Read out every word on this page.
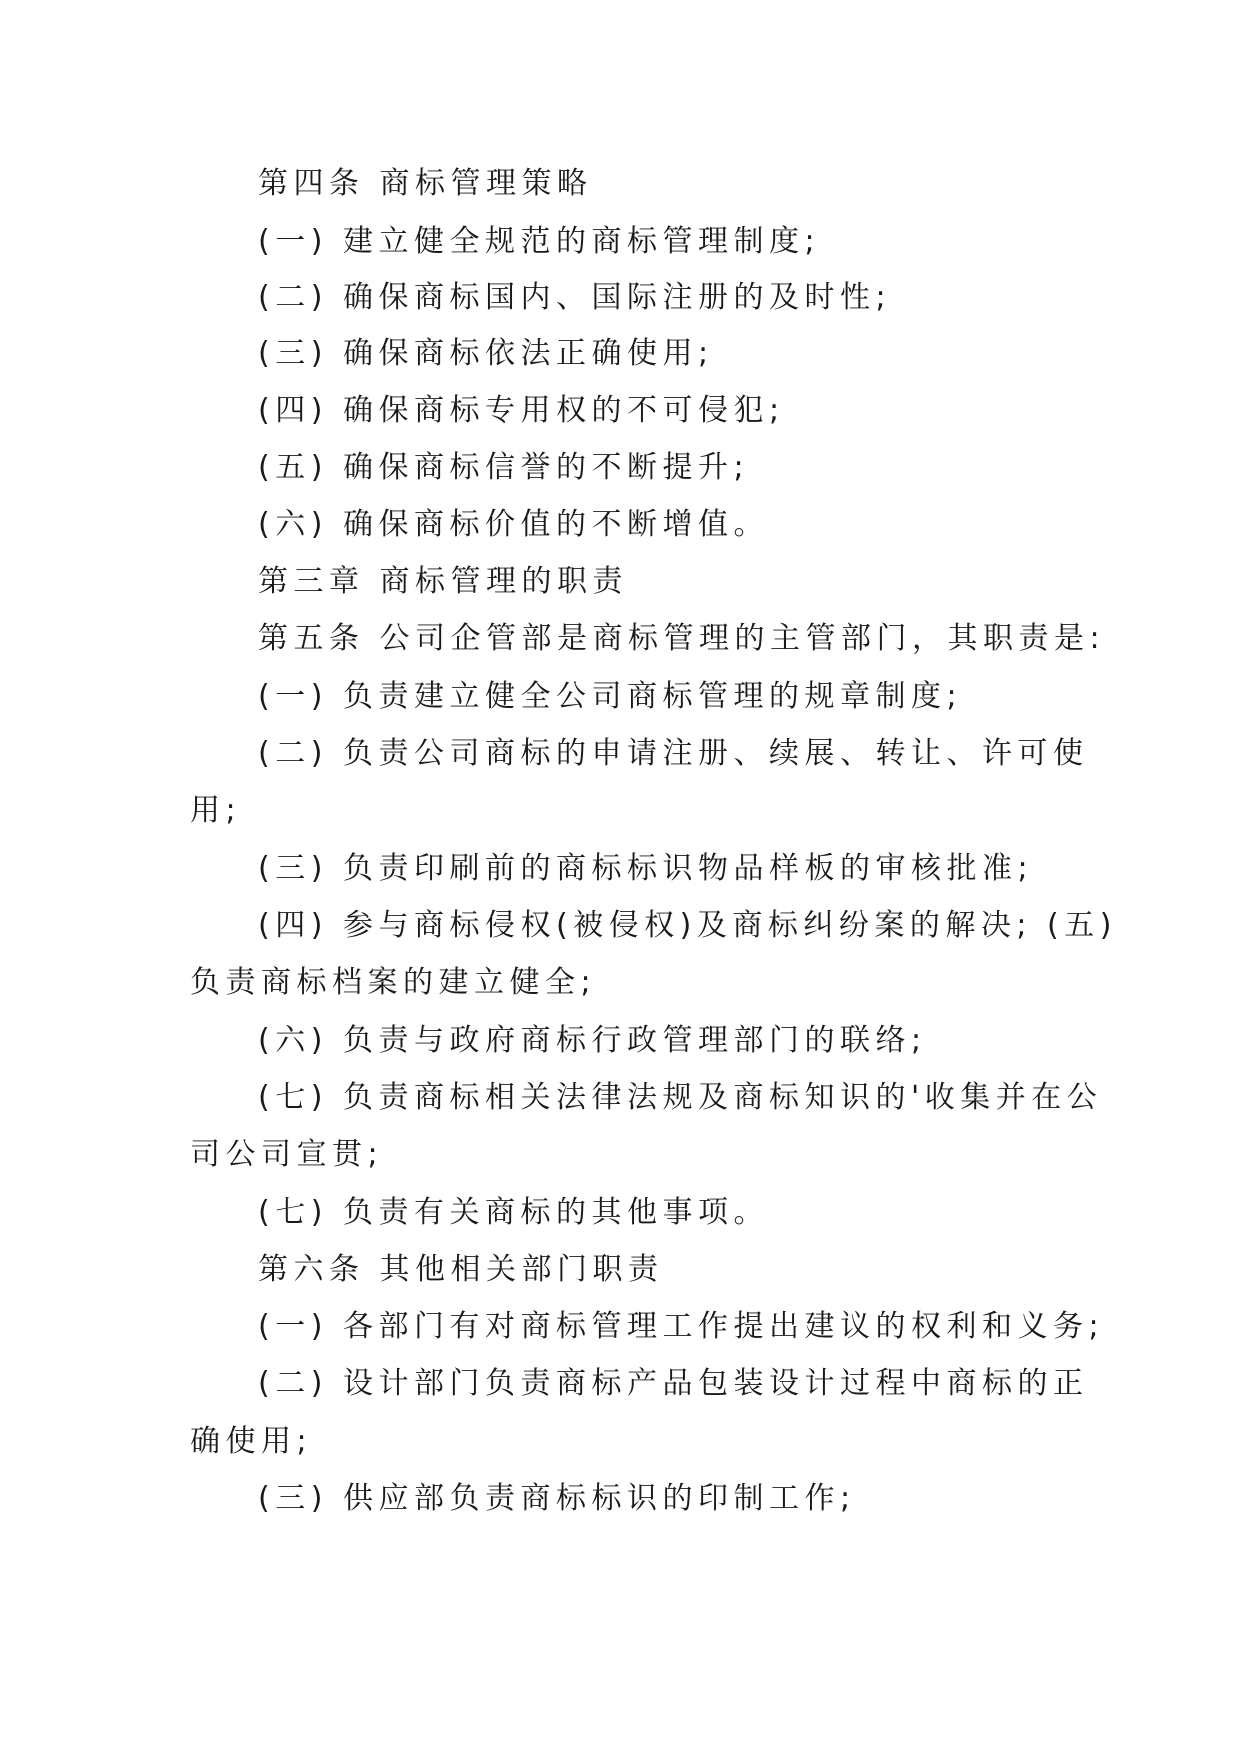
第四条 商标管理策略
(一) 建立健全规范的商标管理制度;
(二) 确保商标国内、国际注册的及时性;
(三) 确保商标依法正确使用;
(四) 确保商标专用权的不可侵犯;
(五) 确保商标信誉的不断提升;
(六) 确保商标价值的不断增值。
第三章 商标管理的职责
第五条 公司企管部是商标管理的主管部门，其职责是:
(一) 负责建立健全公司商标管理的规章制度;
(二) 负责公司商标的申请注册、续展、转让、许可使
用;
(三) 负责印刷前的商标标识物品样板的审核批准;
(四) 参与商标侵权(被侵权)及商标纠纷案的解决; (五)
负责商标档案的建立健全;
(六) 负责与政府商标行政管理部门的联络;
(七) 负责商标相关法律法规及商标知识的'收集并在公
司公司宣贯;
(七) 负责有关商标的其他事项。
第六条 其他相关部门职责
(一) 各部门有对商标管理工作提出建议的权利和义务;
(二) 设计部门负责商标产品包装设计过程中商标的正
确使用;
(三) 供应部负责商标标识的印制工作;
